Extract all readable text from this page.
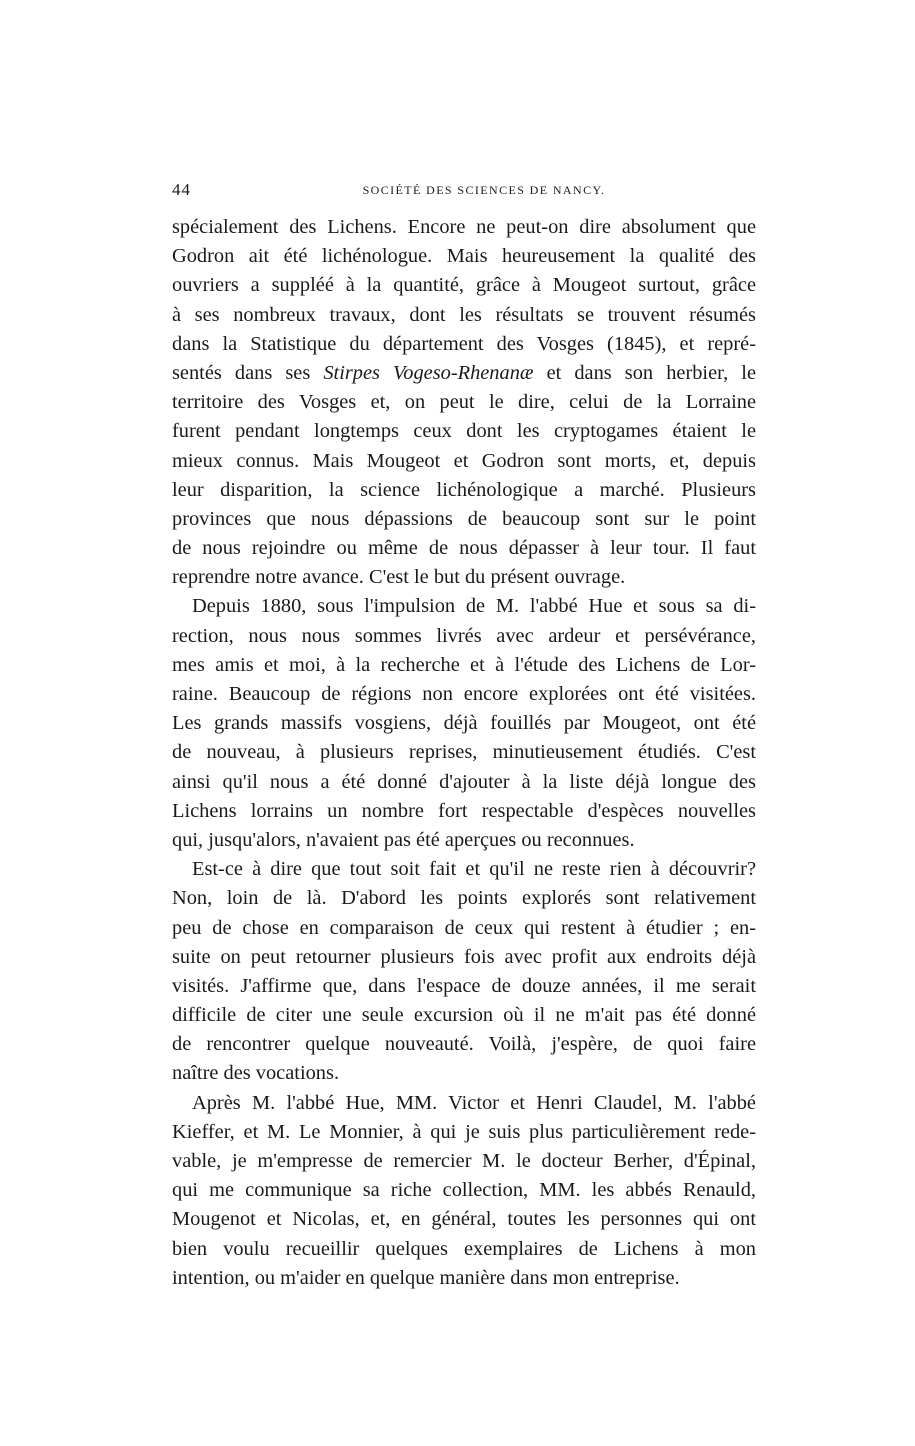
44	SOCIÉTÉ DES SCIENCES DE NANCY.
spécialement des Lichens. Encore ne peut-on dire absolument que
Godron ait été lichénologue. Mais heureusement la qualité des
ouvriers a suppléé à la quantité, grâce à Mougeot surtout, grâce
à ses nombreux travaux, dont les résultats se trouvent résumés
dans la Statistique du département des Vosges (1845), et repré-
sentés dans ses Stirpes Vogeso-Rhenanæ et dans son herbier, le
territoire des Vosges et, on peut le dire, celui de la Lorraine
furent pendant longtemps ceux dont les cryptogames étaient le
mieux connus. Mais Mougeot et Godron sont morts, et, depuis
leur disparition, la science lichénologique a marché. Plusieurs
provinces que nous dépassions de beaucoup sont sur le point
de nous rejoindre ou même de nous dépasser à leur tour. Il faut
reprendre notre avance. C'est le but du présent ouvrage.
Depuis 1880, sous l'impulsion de M. l'abbé Hue et sous sa di-
rection, nous nous sommes livrés avec ardeur et persévérance,
mes amis et moi, à la recherche et à l'étude des Lichens de Lor-
raine. Beaucoup de régions non encore explorées ont été visitées.
Les grands massifs vosgiens, déjà fouillés par Mougeot, ont été
de nouveau, à plusieurs reprises, minutieusement étudiés. C'est
ainsi qu'il nous a été donné d'ajouter à la liste déjà longue des
Lichens lorrains un nombre fort respectable d'espèces nouvelles
qui, jusqu'alors, n'avaient pas été aperçues ou reconnues.
Est-ce à dire que tout soit fait et qu'il ne reste rien à découvrir?
Non, loin de là. D'abord les points explorés sont relativement
peu de chose en comparaison de ceux qui restent à étudier ; en-
suite on peut retourner plusieurs fois avec profit aux endroits déjà
visités. J'affirme que, dans l'espace de douze années, il me serait
difficile de citer une seule excursion où il ne m'ait pas été donné
de rencontrer quelque nouveauté. Voilà, j'espère, de quoi faire
naître des vocations.
Après M. l'abbé Hue, MM. Victor et Henri Claudel, M. l'abbé
Kieffer, et M. Le Monnier, à qui je suis plus particulièrement rede-
vable, je m'empresse de remercier M. le docteur Berher, d'Épinal,
qui me communique sa riche collection, MM. les abbés Renauld,
Mougenot et Nicolas, et, en général, toutes les personnes qui ont
bien voulu recueillir quelques exemplaires de Lichens à mon
intention, ou m'aider en quelque manière dans mon entreprise.
